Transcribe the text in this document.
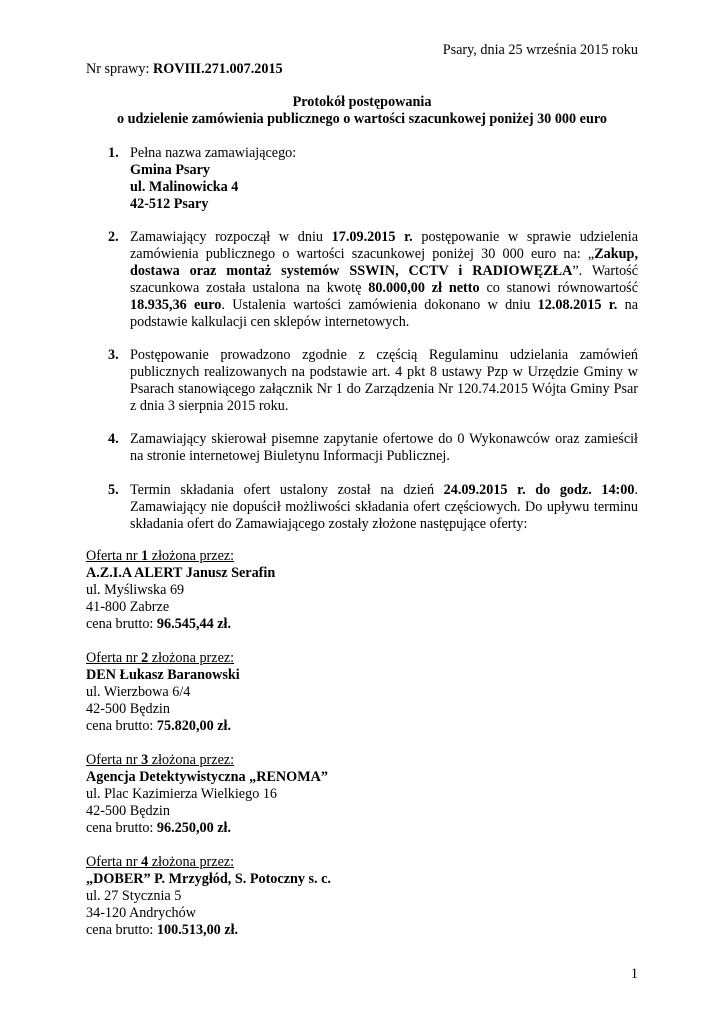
Psary, dnia 25 września 2015 roku
Nr sprawy: ROVIII.271.007.2015
Protokół postępowania
o udzielenie zamówienia publicznego o wartości szacunkowej poniżej 30 000 euro
1. Pełna nazwa zamawiającego:
Gmina Psary
ul. Malinowicka 4
42-512 Psary
2. Zamawiający rozpoczął w dniu 17.09.2015 r. postępowanie w sprawie udzielenia zamówienia publicznego o wartości szacunkowej poniżej 30 000 euro na: „Zakup, dostawa oraz montaż systemów SSWIN, CCTV i RADIOWĘZŁA”. Wartość szacunkowa została ustalona na kwotę 80.000,00 zł netto co stanowi równowartość 18.935,36 euro. Ustalenia wartości zamówienia dokonano w dniu 12.08.2015 r. na podstawie kalkulacji cen sklepów internetowych.
3. Postępowanie prowadzono zgodnie z częścią Regulaminu udzielania zamówień publicznych realizowanych na podstawie art. 4 pkt 8 ustawy Pzp w Urzędzie Gminy w Psarach stanowiącego załącznik Nr 1 do Zarządzenia Nr 120.74.2015 Wójta Gminy Psar z dnia 3 sierpnia 2015 roku.
4. Zamawiający skierował pisemne zapytanie ofertowe do 0 Wykonawców oraz zamieścił na stronie internetowej Biuletynu Informacji Publicznej.
5. Termin składania ofert ustalony został na dzień 24.09.2015 r. do godz. 14:00. Zamawiający nie dopuścił możliwości składania ofert częściowych. Do upływu terminu składania ofert do Zamawiającego zostały złożone następujące oferty:
Oferta nr 1 złożona przez:
A.Z.I.A ALERT Janusz Serafin
ul. Myśliwska 69
41-800 Zabrze
cena brutto: 96.545,44 zł.
Oferta nr 2 złożona przez:
DEN Łukasz Baranowski
ul. Wierzbowa 6/4
42-500 Będzin
cena brutto: 75.820,00 zł.
Oferta nr 3 złożona przez:
Agencja Detektywistyczna „RENOMA”
ul. Plac Kazimierza Wielkiego 16
42-500 Będzin
cena brutto: 96.250,00 zł.
Oferta nr 4 złożona przez:
„DOBER” P. Mrzygłód, S. Potoczny s. c.
ul. 27 Stycznia 5
34-120 Andrychów
cena brutto: 100.513,00 zł.
1
